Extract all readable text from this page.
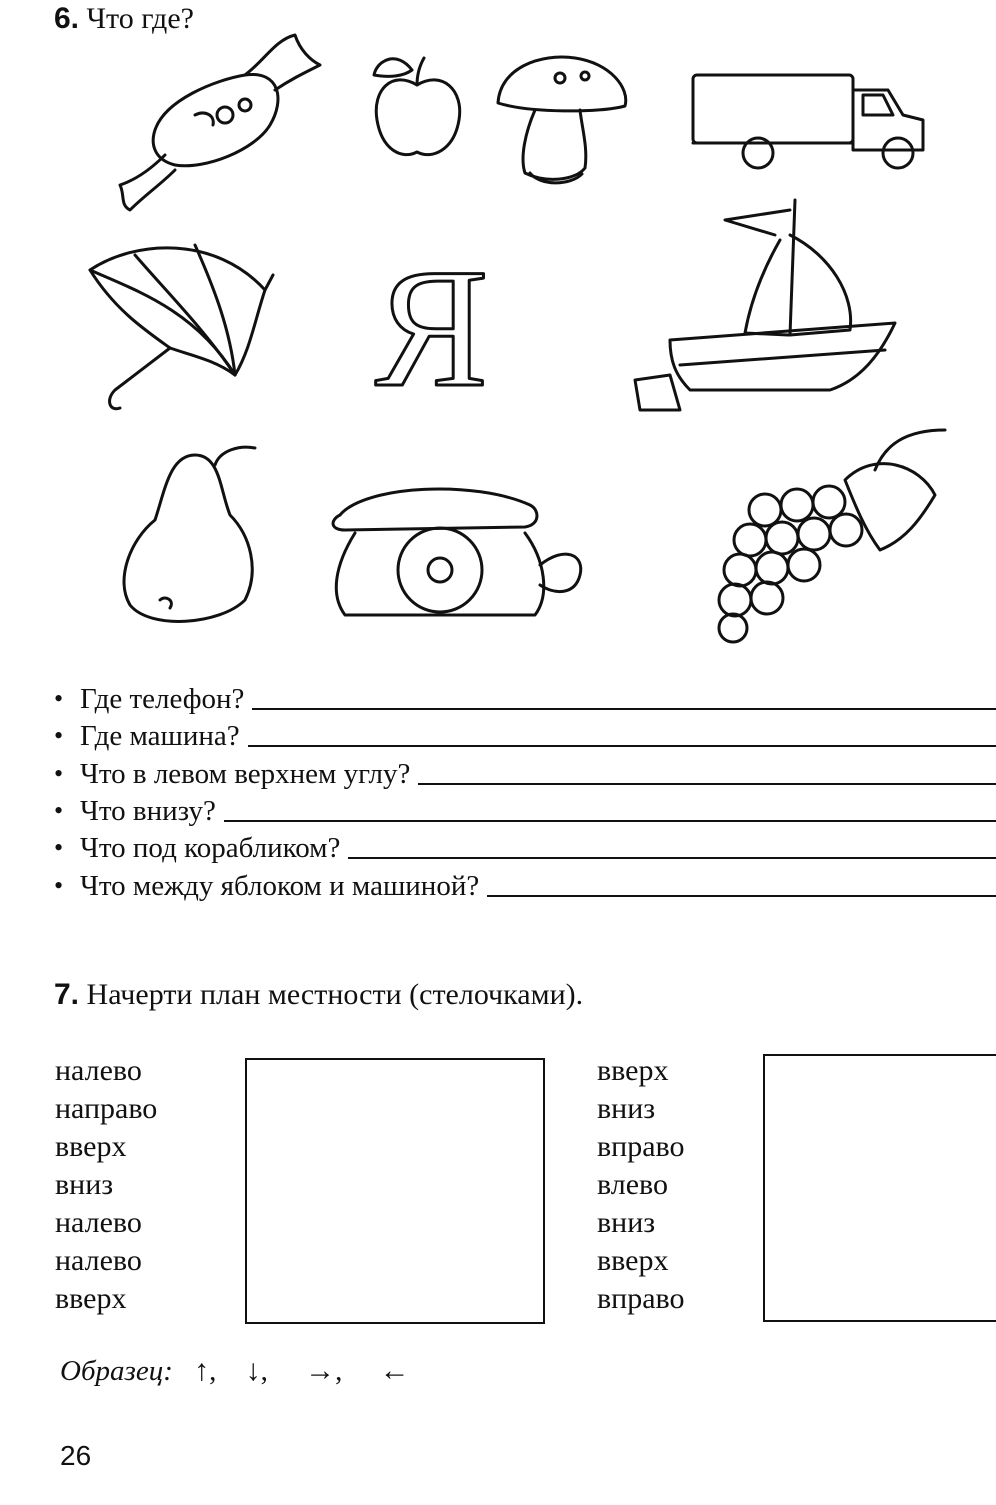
6. Что где?
Я
• Где телефон?
• Где машина?
• Что в левом верхнем углу?
• Что внизу?
• Что под корабликом?
• Что между яблоком и машиной?
7. Начерти план местности (стелочками).
налево
направо
вверх
вниз
налево
налево
вверх
вверх
вниз
вправо
влево
вниз
вверх
вправо
Образец: ↑, ↓, →, ←
26
